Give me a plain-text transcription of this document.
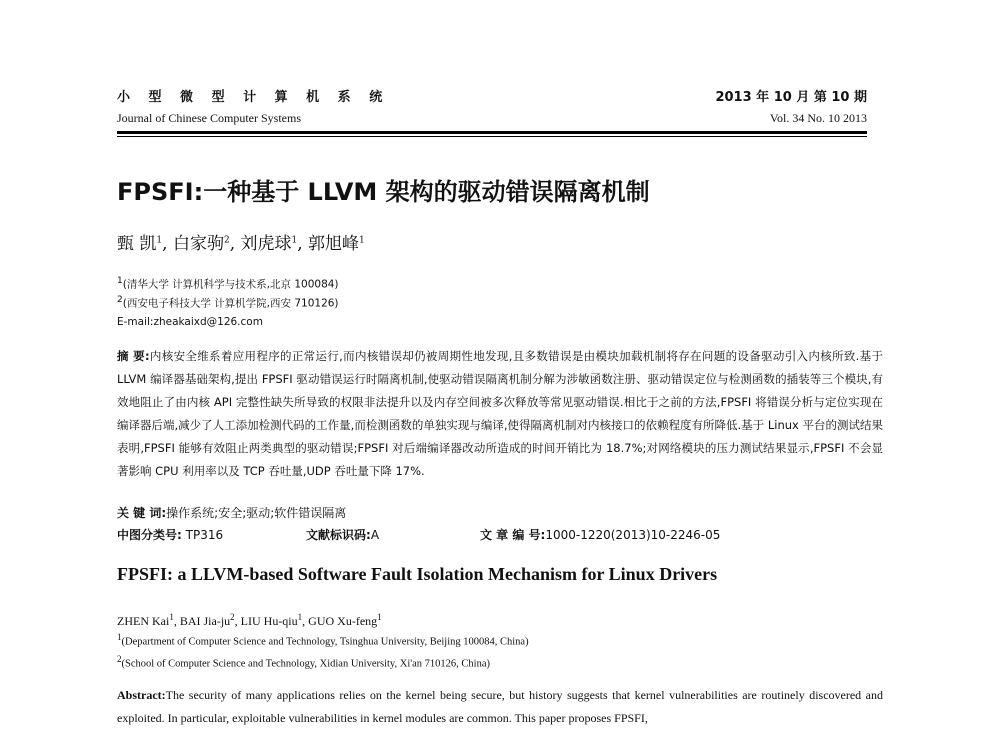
小 型 微 型 计 算 机 系 统
Journal of Chinese Computer Systems
2013 年 10 月 第 10 期
Vol. 34 No. 10 2013
FPSFI:一种基于 LLVM 架构的驱动错误隔离机制
甄 凯$^1$, 白家驹$^2$, 刘虎球$^1$, 郭旭峰$^1$
$^1$(清华大学 计算机科学与技术系,北京 100084)
$^2$(西安电子科技大学 计算机学院,西安 710126)
E-mail:zheakaixd@126.com
摘 要:内核安全维系着应用程序的正常运行,而内核错误却仍被周期性地发现,且多数错误是由模块加载机制将存在问题的设备驱动引入内核所致.基于 LLVM 编译器基础架构,提出 FPSFI 驱动错误运行时隔离机制,使驱动错误隔离机制分解为涉敏函数注册、驱动错误定位与检测函数的插装等三个模块,有效地阻止了由内核 API 完整性缺失所导致的权限非法提升以及内存空间被多次释放等常见驱动错误.相比于之前的方法,FPSFI 将错误分析与定位实现在编译器后端,减少了人工添加检测代码的工作量,而检测函数的单独实现与编译,使得隔离机制对内核接口的依赖程度有所降低.基于 Linux 平台的测试结果表明,FPSFI 能够有效阻止两类典型的驱动错误;FPSFI 对后端编译器改动所造成的时间开销比为 18.7%;对网络模块的压力测试结果显示,FPSFI 不会显著影响 CPU 利用率以及 TCP 吞吐量,UDP 吞吐量下降 17%.
关 键 词:操作系统;安全;驱动;软件错误隔离
中图分类号: TP316	文献标识码:A	文 章 编 号:1000-1220(2013)10-2246-05
FPSFI: a LLVM-based Software Fault Isolation Mechanism for Linux Drivers
ZHEN Kai$^1$, BAI Jia-$ju^2$, LIU Hu-qiu$^1$, GUO Xu-feng$^1$
$^1$(Department of Computer Science and Technology, Tsinghua University, Beijing 100084, China)
$^2$(School of Computer Science and Technology, Xidian University, Xi'an 710126, China)
Abstract:The security of many applications relies on the kernel being secure, but history suggests that kernel vulnerabilities are routinely discovered and exploited. In particular, exploitable vulnerabilities in kernel modules are common. This paper proposes FPSFI,
